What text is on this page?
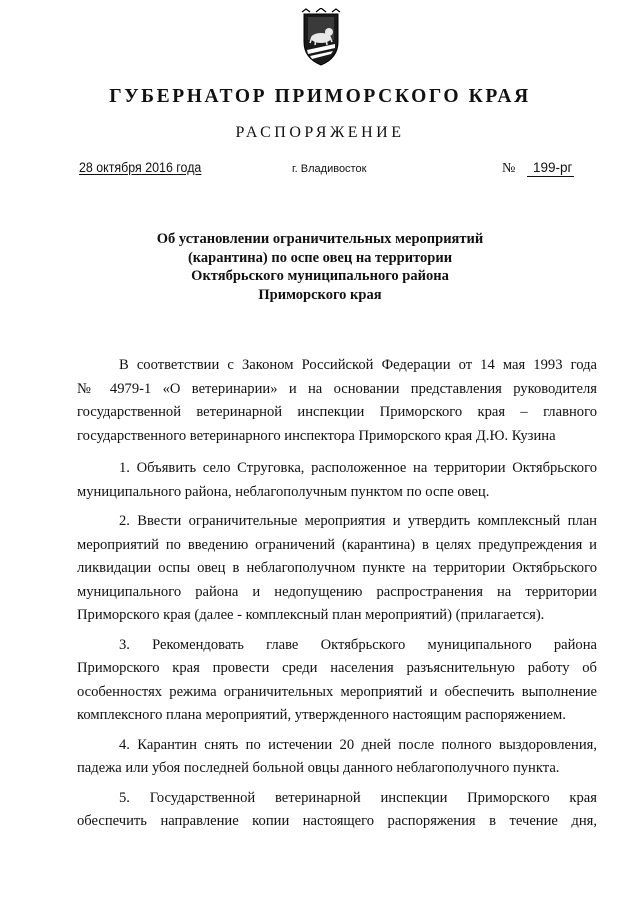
ГУБЕРНАТОР ПРИМОРСКОГО КРАЯ
РАСПОРЯЖЕНИЕ
28 октября 2016 года	г. Владивосток	№	199-рг
Об установлении ограничительных мероприятий
(карантина) по оспе овец на территории
Октябрьского муниципального района
Приморского края
В соответствии с Законом Российской Федерации от 14 мая 1993 года
№ 4979-1 «О ветеринарии» и на основании представления руководителя
государственной ветеринарной инспекции Приморского края – главного
государственного ветеринарного инспектора Приморского края Д.Ю. Кузина
1. Объявить село Струговка, расположенное на территории Октябрьского
муниципального района, неблагополучным пунктом по оспе овец.
2. Ввести ограничительные мероприятия и утвердить комплексный план
мероприятий по введению ограничений (карантина) в целях предупреждения и
ликвидации оспы овец в неблагополучном пункте на территории Октябрьского
муниципального района и недопущению распространения на территории
Приморского края (далее - комплексный план мероприятий) (прилагается).
3. Рекомендовать главе Октябрьского муниципального района
Приморского края провести среди населения разъяснительную работу об
особенностях режима ограничительных мероприятий и обеспечить выполнение
комплексного плана мероприятий, утвержденного настоящим распоряжением.
4. Карантин снять по истечении 20 дней после полного выздоровления,
падежа или убоя последней больной овцы данного неблагополучного пункта.
5. Государственной ветеринарной инспекции Приморского края
обеспечить направление копии настоящего распоряжения в течение дня,
